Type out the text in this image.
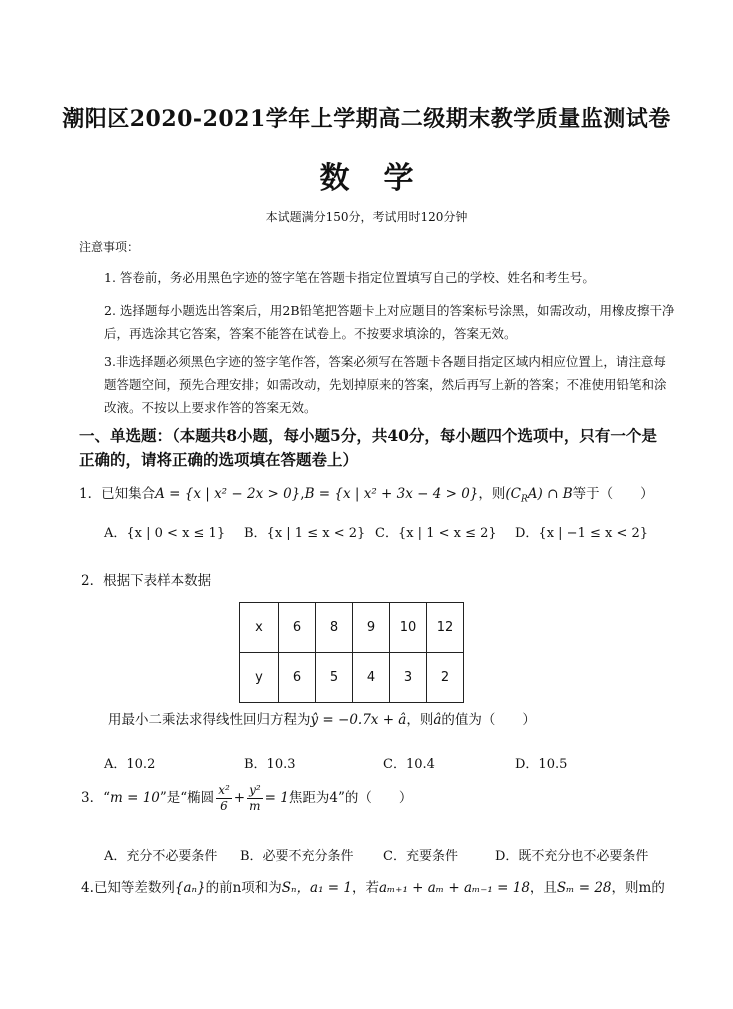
潮阳区2020-2021学年上学期高二级期末教学质量监测试卷
数学
本试题满分150分，考试用时120分钟
注意事项：
1. 答卷前，务必用黑色字迹的签字笔在答题卡指定位置填写自己的学校、姓名和考生号。
2. 选择题每小题选出答案后，用2B铅笔把答题卡上对应题目的答案标号涂黑，如需改动，用橡皮擦干净后，再选涂其它答案，答案不能答在试卷上。不按要求填涂的，答案无效。
3.非选择题必须黑色字迹的签字笔作答，答案必须写在答题卡各题目指定区域内相应位置上，请注意每题答题空间，预先合理安排；如需改动，先划掉原来的答案，然后再写上新的答案；不准使用铅笔和涂改液。不按以上要求作答的答案无效。
一、单选题：（本题共8小题，每小题5分，共40分，每小题四个选项中，只有一个是正确的，请将正确的选项填在答题卷上）
1．已知集合A = {x | x² − 2x > 0},B = {x | x² + 3x − 4 > 0}，则$(C_RA)$ ∩ B等于（　　）
A．{x | 0 < x ≤ 1} B．{x | 1 ≤ x < 2} C．{x | 1 < x ≤ 2} D．{x | −1 ≤ x < 2}
2．根据下表样本数据
x	6	8	9	10	12
y	6	5	4	3	2
用最小二乘法求得线性回归方程为ŷ = −0.7x + â，则â的值为（　　）
A．10.2	B．10.3	C．10.4	D．10.5
3．“m = 10”是“椭圆 $\frac{\text{x²}}{6} + \frac{\text{y²}}{m} = 1$焦距为4”的（　　）
A．充分不必要条件 B．必要不充分条件 C．充要条件	D．既不充分也不必要条件
4.已知等差数列{aₙ}的前n项和为Sₙ，a₁ = 1，若aₘ₊₁ + aₘ + aₘ₋₁ = 18，且Sₘ = 28，则m的
